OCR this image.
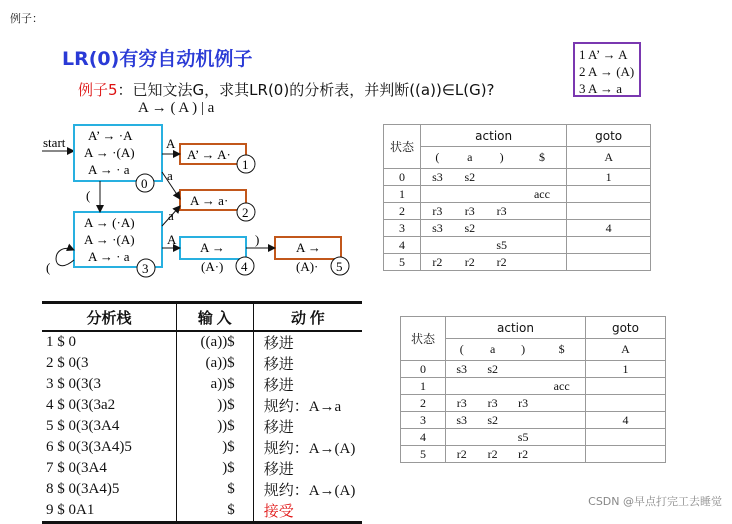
例子：
LR(0)有穷自动机例子
例子5：已知文法G，求其LR(0)的分析表，并判断((a))∈L(G)?
A → ( A ) | a
1 A’ → A
2 A → (A)
3 A → a
start A’ → ·A
A → ·(A)
A → · a
0
A’ → A·
1
A → a·
2
A → (·A)
A → ·(A)
A → · a
3
A →
(A·) 4
A →
(A)· 5
A
a
(
a
A	)
(
状态	action				goto
	(	a	)	$	A
0	s3	s2			1
1				acc	
2	r3	r3	r3		
3	s3	s2			4
4			s5		
5	r2	r2	r2		
状态	action				goto
	(	a	)	$	A
0	s3	s2			1
1				acc	
2	r3	r3	r3		
3	s3	s2			4
4			s5		
5	r2	r2	r2		
分析栈	输 入	动 作
1 $ 0	((a))$	移进
2 $ 0(3	(a))$	移进
3 $ 0(3(3	a))$	移进
4 $ 0(3(3a2	))$	规约：A→a
5 $ 0(3(3A4	))$	移进
6 $ 0(3(3A4)5	)$	规约：A→(A)
7 $ 0(3A4	)$	移进
8 $ 0(3A4)5	$	规约：A→(A)
9 $ 0A1	$	接受
CSDN @早点打完工去睡觉
